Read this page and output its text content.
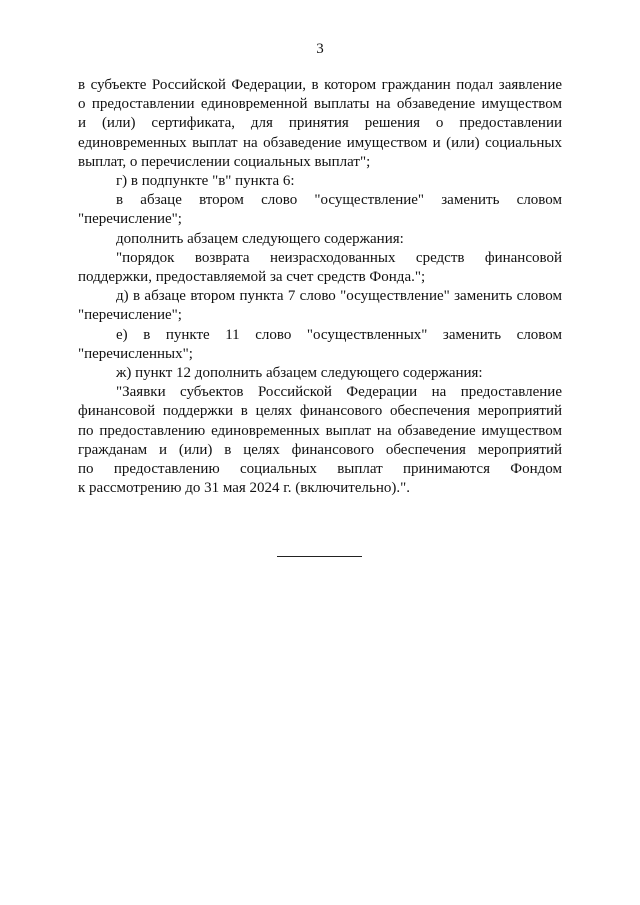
3
в субъекте Российской Федерации, в котором гражданин подал заявление
о предоставлении единовременной выплаты на обзаведение имуществом
и (или) сертификата, для принятия решения о предоставлении
единовременных выплат на обзаведение имуществом и (или) социальных
выплат, о перечислении социальных выплат";
г) в подпункте "в" пункта 6:
в абзаце втором слово "осуществление" заменить словом
"перечисление";
дополнить абзацем следующего содержания:
"порядок возврата неизрасходованных средств финансовой
поддержки, предоставляемой за счет средств Фонда.";
д) в абзаце втором пункта 7 слово "осуществление" заменить словом
"перечисление";
е) в пункте 11 слово "осуществленных" заменить словом
"перечисленных";
ж) пункт 12 дополнить абзацем следующего содержания:
"Заявки субъектов Российской Федерации на предоставление
финансовой поддержки в целях финансового обеспечения мероприятий
по предоставлению единовременных выплат на обзаведение имуществом
гражданам и (или) в целях финансового обеспечения мероприятий
по предоставлению социальных выплат принимаются Фондом
к рассмотрению до 31 мая 2024 г. (включительно).".
